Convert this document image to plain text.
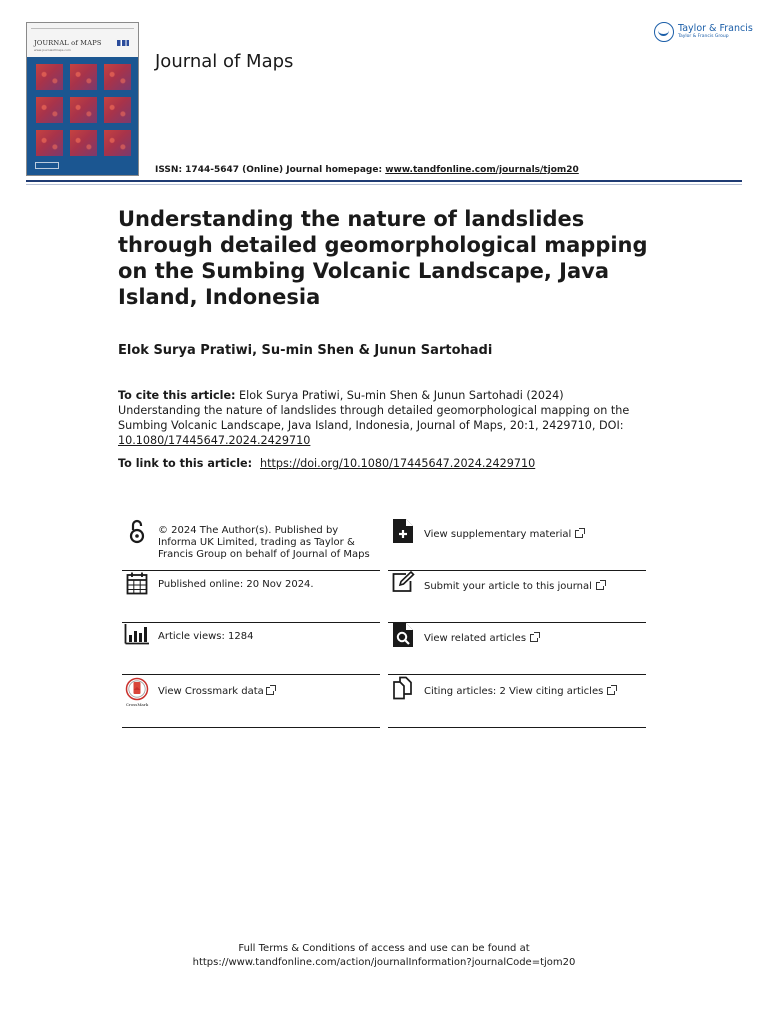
JOURNAL of MAPS
www.journalofmaps.com
Journal of Maps
Taylor & Francis
Taylor & Francis Group
ISSN: 1744-5647 (Online) Journal homepage: www.tandfonline.com/journals/tjom20
Understanding the nature of landslides through detailed geomorphological mapping on the Sumbing Volcanic Landscape, Java Island, Indonesia
Elok Surya Pratiwi, Su-min Shen & Junun Sartohadi
To cite this article: Elok Surya Pratiwi, Su-min Shen & Junun Sartohadi (2024) Understanding the nature of landslides through detailed geomorphological mapping on the Sumbing Volcanic Landscape, Java Island, Indonesia, Journal of Maps, 20:1, 2429710, DOI: 10.1080/17445647.2024.2429710
To link to this article: https://doi.org/10.1080/17445647.2024.2429710
© 2024 The Author(s). Published by Informa UK Limited, trading as Taylor & Francis Group on behalf of Journal of Maps
Published online: 20 Nov 2024.
Article views: 1284
CrossMark
View Crossmark data
View supplementary material
Submit your article to this journal
View related articles
Citing articles: 2 View citing articles
Full Terms & Conditions of access and use can be found at
https://www.tandfonline.com/action/journalInformation?journalCode=tjom20
